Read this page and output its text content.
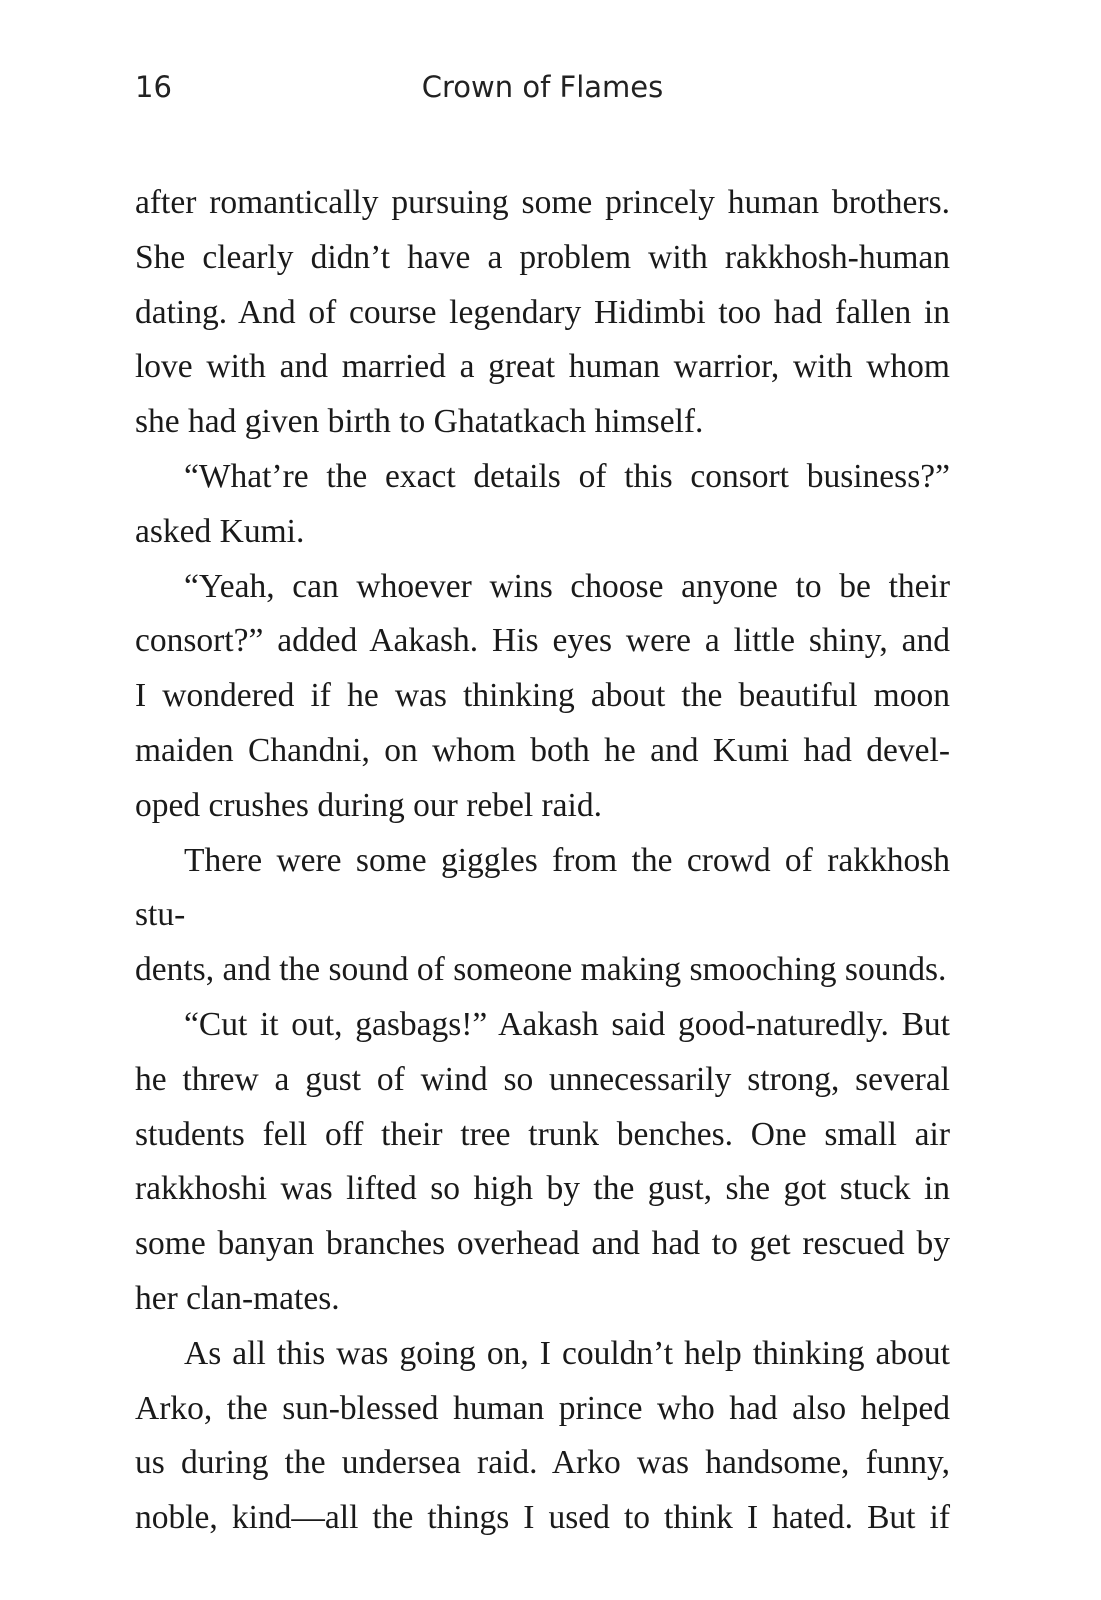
16	Crown of Flames

after romantically pursuing some princely human brothers.

She clearly didn’t have a problem with rakkhosh-human

dating. And of course legendary Hidimbi too had fallen in

love with and married a great human warrior, with whom

she had given birth to Ghatatkach himself.

“What’re the exact details of this consort business?”

asked Kumi.

“Yeah, can whoever wins choose anyone to be their

consort?” added Aakash. His eyes were a little shiny, and

I wondered if he was thinking about the beautiful moon

maiden Chandni, on whom both he and Kumi had devel-

oped crushes during our rebel raid.

There were some giggles from the crowd of rakkhosh stu-

dents, and the sound of someone making smooching sounds.

“Cut it out, gasbags!” Aakash said good-naturedly. But

he threw a gust of wind so unnecessarily strong, several

students fell off their tree trunk benches. One small air

rakkhoshi was lifted so high by the gust, she got stuck in

some banyan branches overhead and had to get rescued by

her clan-mates.

As all this was going on, I couldn’t help thinking about

Arko, the sun-blessed human prince who had also helped

us during the undersea raid. Arko was handsome, funny,

noble, kind—all the things I used to think I hated. But if
